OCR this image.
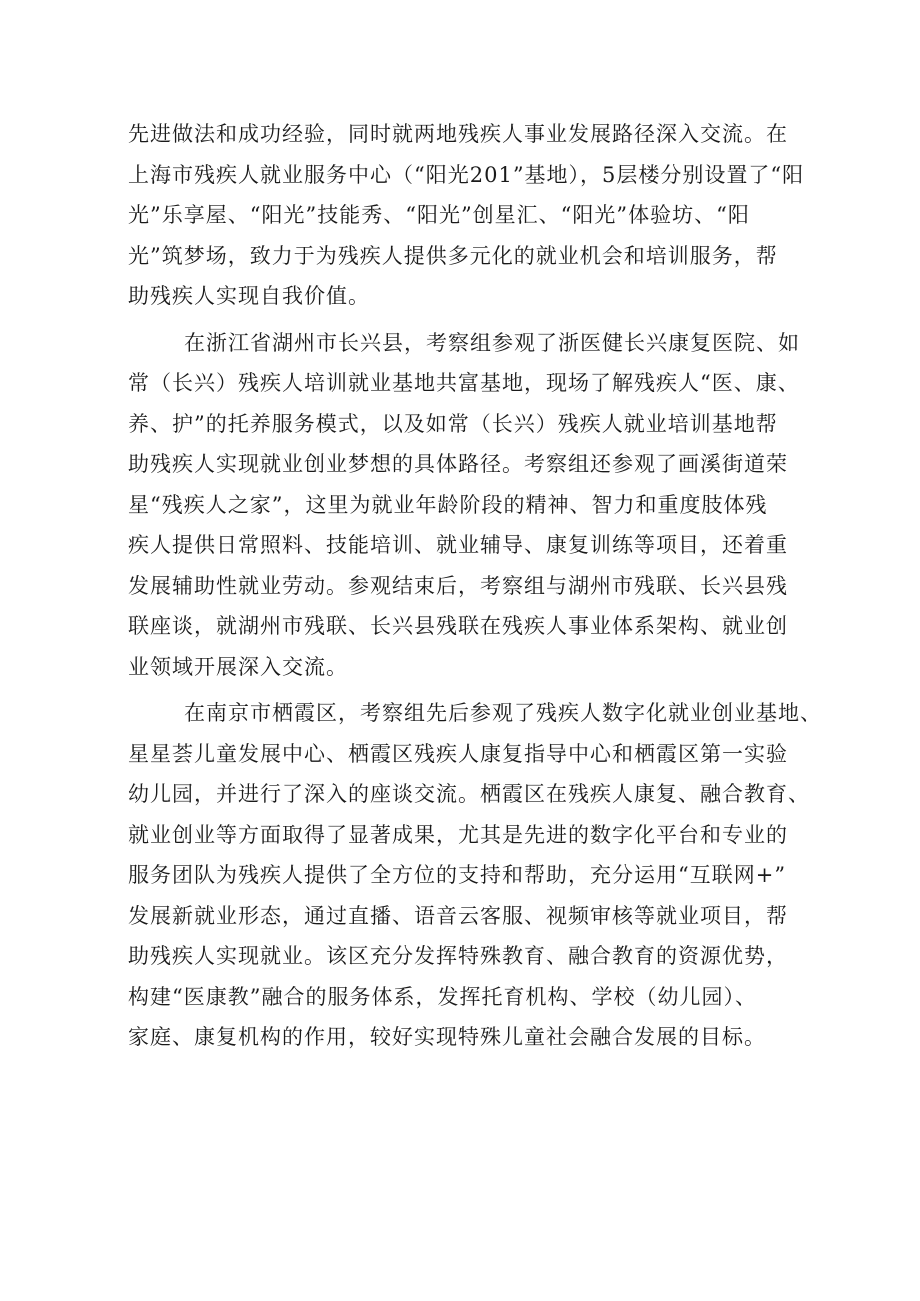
先进做法和成功经验，同时就两地残疾人事业发展路径深入交流。在
上海市残疾人就业服务中心（“阳光201”基地），5层楼分别设置了“阳
光”乐享屋、“阳光”技能秀、“阳光”创星汇、“阳光”体验坊、“阳
光”筑梦场，致力于为残疾人提供多元化的就业机会和培训服务，帮
助残疾人实现自我价值。

在浙江省湖州市长兴县，考察组参观了浙医健长兴康复医院、如
常（长兴）残疾人培训就业基地共富基地，现场了解残疾人“医、康、
养、护”的托养服务模式，以及如常（长兴）残疾人就业培训基地帮
助残疾人实现就业创业梦想的具体路径。考察组还参观了画溪街道荣
星“残疾人之家”，这里为就业年龄阶段的精神、智力和重度肢体残
疾人提供日常照料、技能培训、就业辅导、康复训练等项目，还着重
发展辅助性就业劳动。参观结束后，考察组与湖州市残联、长兴县残
联座谈，就湖州市残联、长兴县残联在残疾人事业体系架构、就业创
业领域开展深入交流。

在南京市栖霞区，考察组先后参观了残疾人数字化就业创业基地、
星星荟儿童发展中心、栖霞区残疾人康复指导中心和栖霞区第一实验
幼儿园，并进行了深入的座谈交流。栖霞区在残疾人康复、融合教育、
就业创业等方面取得了显著成果，尤其是先进的数字化平台和专业的
服务团队为残疾人提供了全方位的支持和帮助，充分运用“互联网+”
发展新就业形态，通过直播、语音云客服、视频审核等就业项目，帮
助残疾人实现就业。该区充分发挥特殊教育、融合教育的资源优势，
构建“医康教”融合的服务体系，发挥托育机构、学校（幼儿园）、
家庭、康复机构的作用，较好实现特殊儿童社会融合发展的目标。
